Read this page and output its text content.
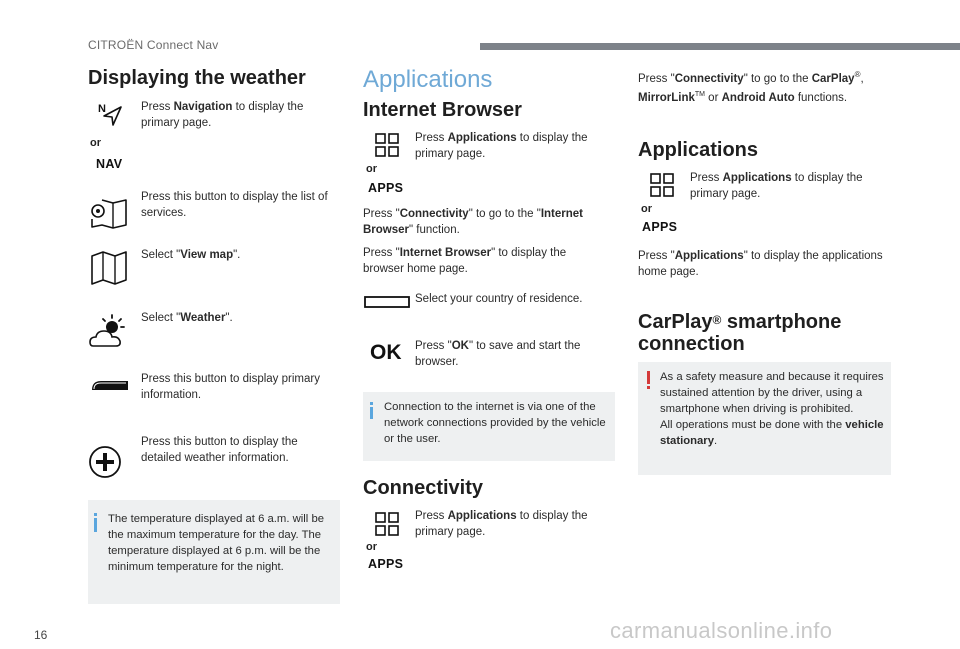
CITROËN Connect Nav
Displaying the weather
N
or
NAV
Press Navigation to display the primary page.
Press this button to display the list of services.
Select "View map".
Select "Weather".
Press this button to display primary information.
Press this button to display the detailed weather information.
The temperature displayed at 6 a.m. will be the maximum temperature for the day. The temperature displayed at 6 p.m. will be the minimum temperature for the night.
Applications
Internet Browser
or
APPS
Press Applications to display the primary page.
Press "Connectivity" to go to the "Internet Browser" function.
Press "Internet Browser" to display the browser home page.
Select your country of residence.
OK Press "OK" to save and start the browser.
Connection to the internet is via one of the network connections provided by the vehicle or the user.
Connectivity
or
APPS
Press Applications to display the primary page.
Press "Connectivity" to go to the CarPlay®, MirrorLink™ or Android Auto functions.
Applications
or
APPS
Press Applications to display the primary page.
Press "Applications" to display the applications home page.
CarPlay® smartphone
connection
As a safety measure and because it requires sustained attention by the driver, using a smartphone when driving is prohibited.
All operations must be done with the vehicle stationary.
16	carmanualsonline.info
